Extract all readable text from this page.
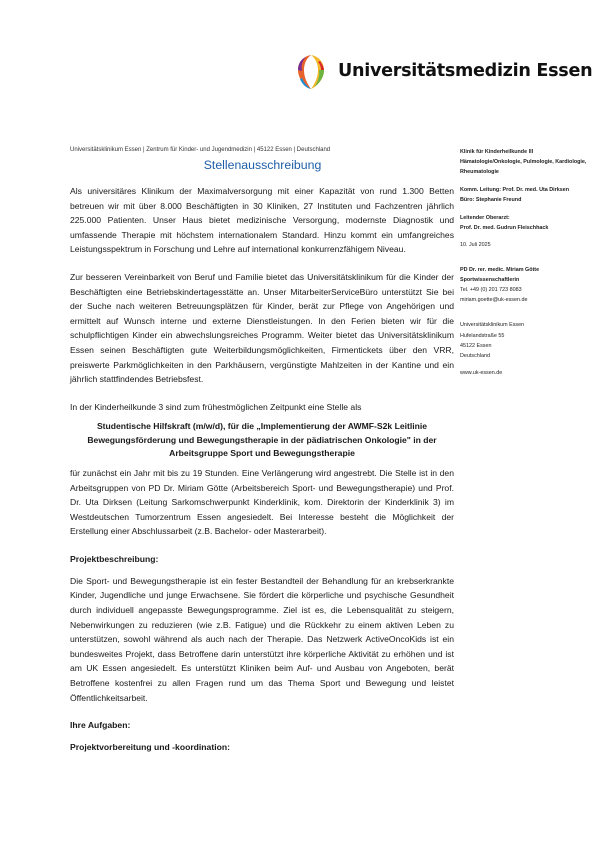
Universitätsmedizin Essen
Universitätsklinikum Essen | Zentrum für Kinder- und Jugendmedizin | 45122 Essen | Deutschland
Stellenausschreibung

Als universitäres Klinikum der Maximalversorgung mit einer Kapazität von rund 1.300 Betten betreuen wir mit über 8.000 Beschäftigten in 30 Kliniken, 27 Instituten und Fachzentren jährlich 225.000 Patienten. Unser Haus bietet medizinische Versorgung, modernste Diagnostik und umfassende Therapie mit höchstem internationalem Standard. Hinzu kommt ein umfangreiches Leistungsspektrum in Forschung und Lehre auf international konkurrenzfähigem Niveau.

Zur besseren Vereinbarkeit von Beruf und Familie bietet das Universitätsklinikum für die Kinder der Beschäftigten eine Betriebskindertagesstätte an. Unser MitarbeiterServiceBüro unterstützt Sie bei der Suche nach weiteren Betreuungsplätzen für Kinder, berät zur Pflege von Angehörigen und ermittelt auf Wunsch interne und externe Dienstleistungen. In den Ferien bieten wir für die schulpflichtigen Kinder ein abwechslungsreiches Programm. Weiter bietet das Universitätsklinikum Essen seinen Beschäftigten gute Weiterbildungsmöglichkeiten, Firmentickets über den VRR, preiswerte Parkmöglichkeiten in den Parkhäusern, vergünstigte Mahlzeiten in der Kantine und ein jährlich stattfindendes Betriebsfest.

In der Kinderheilkunde 3 sind zum frühestmöglichen Zeitpunkt eine Stelle als

Studentische Hilfskraft (m/w/d), für die „Implementierung der AWMF-S2k Leitlinie Bewegungsförderung und Bewegungstherapie in der pädiatrischen Onkologie" in der Arbeitsgruppe Sport und Bewegungstherapie

für zunächst ein Jahr mit bis zu 19 Stunden. Eine Verlängerung wird angestrebt. Die Stelle ist in den Arbeitsgruppen von PD Dr. Miriam Götte (Arbeitsbereich Sport- und Bewegungstherapie) und Prof. Dr. Uta Dirksen (Leitung Sarkomschwerpunkt Kinderklinik, kom. Direktorin der Kinderklinik 3) im Westdeutschen Tumorzentrum Essen angesiedelt. Bei Interesse besteht die Möglichkeit der Erstellung einer Abschlussarbeit (z.B. Bachelor- oder Masterarbeit).

Projektbeschreibung:

Die Sport- und Bewegungstherapie ist ein fester Bestandteil der Behandlung für an krebserkrankte Kinder, Jugendliche und junge Erwachsene. Sie fördert die körperliche und psychische Gesundheit durch individuell angepasste Bewegungsprogramme. Ziel ist es, die Lebensqualität zu steigern, Nebenwirkungen zu reduzieren (wie z.B. Fatigue) und die Rückkehr zu einem aktiven Leben zu unterstützen, sowohl während als auch nach der Therapie. Das Netzwerk ActiveOncoKids ist ein bundesweites Projekt, dass Betroffene darin unterstützt ihre körperliche Aktivität zu erhöhen und ist am UK Essen angesiedelt. Es unterstützt Kliniken beim Auf- und Ausbau von Angeboten, berät Betroffene kostenfrei zu allen Fragen rund um das Thema Sport und Bewegung und leistet Öffentlichkeitsarbeit.

Ihre Aufgaben:

Projektvorbereitung und -koordination:

Klinik für Kinderheilkunde III
Hämatologie/Onkologie, Pulmologie, Kardiologie, Rheumatologie
Komm. Leitung: Prof. Dr. med. Uta Dirksen
Büro: Stephanie Freund
Leitender Oberarzt:
Prof. Dr. med. Gudrun Fleischhack
10. Juli 2025
PD Dr. rer. medic. Miriam Götte
Sportwissenschaftlerin
Tel. +49 (0) 201 723 8083
miriam.goette@uk-essen.de
Universitätsklinikum Essen
Hufelandstraße 55
45122 Essen
Deutschland
www.uk-essen.de
